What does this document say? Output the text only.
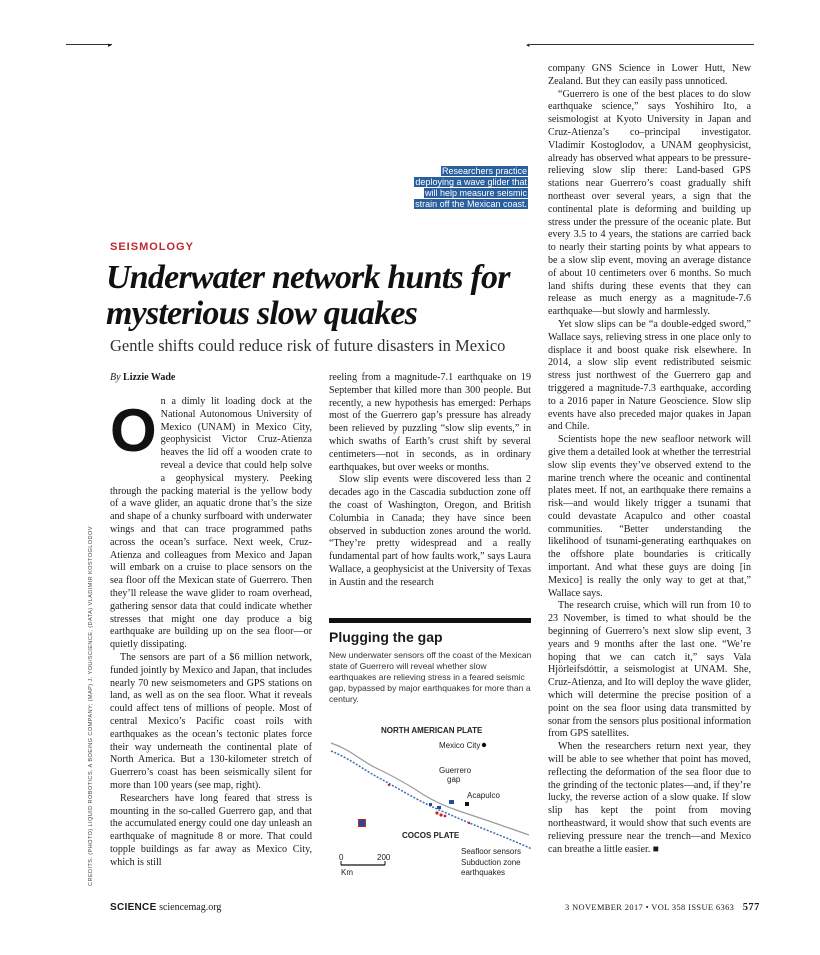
▸	◂
Researchers practice deploying a wave glider that will help measure seismic strain off the Mexican coast.
SEISMOLOGY
Underwater network hunts for mysterious slow quakes
Gentle shifts could reduce risk of future disasters in Mexico
By Lizzie Wade
O n a dimly lit loading dock at the National Autonomous University of Mexico (UNAM) in Mexico City, geophysicist Victor Cruz-Atienza heaves the lid off a wooden crate to reveal a device that could help solve a geophysical mystery. Peeking through the packing material is the yellow body of a wave glider, an aquatic drone that’s the size and shape of a chunky surfboard with underwater wings and that can trace programmed paths across the ocean’s surface. Next week, Cruz-Atienza and colleagues from Mexico and Japan will embark on a cruise to place sensors on the sea floor off the Mexican state of Guerrero. Then they’ll release the wave glider to roam overhead, gathering sensor data that could indicate whether stresses that might one day produce a big earthquake are building up on the sea floor—or quietly dissipating.

The sensors are part of a $6 million network, funded jointly by Mexico and Japan, that includes nearly 70 new seismometers and GPS stations on land, as well as on the sea floor. What it reveals could affect tens of millions of people. Most of central Mexico’s Pacific coast roils with earthquakes as the ocean’s tectonic plates force their way underneath the continental plate of North America. But a 130-kilometer stretch of Guerrero’s coast has been seismically silent for more than 100 years (see map, right).

Researchers have long feared that stress is mounting in the so-called Guerrero gap, and that the accumulated energy could one day unleash an earthquake of magnitude 8 or more. That could topple buildings as far away as Mexico City, which is still

reeling from a magnitude-7.1 earthquake on 19 September that killed more than 300 people. But recently, a new hypothesis has emerged: Perhaps most of the Guerrero gap’s pressure has already been relieved by puzzling “slow slip events,” in which swaths of Earth’s crust shift by several centimeters—not in seconds, as in ordinary earthquakes, but over weeks or months.

Slow slip events were discovered less than 2 decades ago in the Cascadia subduction zone off the coast of Washington, Oregon, and British Columbia in Canada; they have since been observed in subduction zones around the world. “They’re pretty widespread and a really fundamental part of how faults work,” says Laura Wallace, a geophysicist at the University of Texas in Austin and the research

company GNS Science in Lower Hutt, New Zealand. But they can easily pass unnoticed.

“Guerrero is one of the best places to do slow earthquake science,” says Yoshihiro Ito, a seismologist at Kyoto University in Japan and Cruz-Atienza’s co–principal investigator. Vladimir Kostoglodov, a UNAM geophysicist, already has observed what appears to be pressure-relieving slow slip there: Land-based GPS stations near Guerrero’s coast gradually shift northeast over several years, a sign that the continental plate is deforming and building up stress under the pressure of the oceanic plate. But every 3.5 to 4 years, the stations are carried back to nearly their starting points by what appears to be a slow slip event, moving an average distance of about 10 centimeters over 6 months. So much land shifts during these events that they can release as much energy as a magnitude-7.6 earthquake—but slowly and harmlessly.

Yet slow slips can be “a double-edged sword,” Wallace says, relieving stress in one place only to displace it and boost quake risk elsewhere. In 2014, a slow slip event redistributed seismic stress just northwest of the Guerrero gap and triggered a magnitude-7.3 earthquake, according to a 2016 paper in Nature Geoscience. Slow slip events have also preceded major quakes in Japan and Chile.

Scientists hope the new seafloor network will give them a detailed look at whether the terrestrial slow slip events they’ve observed extend to the marine trench where the oceanic and continental plates meet. If not, an earthquake there remains a risk—and would likely trigger a tsunami that could devastate Acapulco and other coastal communities. “Better understanding the likelihood of tsunami-generating earthquakes on the offshore plate boundaries is critically important. And what these guys are doing [in Mexico] is really the only way to get at that,” Wallace says.

The research cruise, which will run from 10 to 23 November, is timed to what should be the beginning of Guerrero’s next slow slip event, 3 years and 9 months after the last one. “We’re hoping that we can catch it,” says Vala Hjörleifsdóttir, a seismologist at UNAM. She, Cruz-Atienza, and Ito will deploy the wave glider, which will determine the precise position of a point on the sea floor using data transmitted by sonar from the sensors plus positional information from GPS satellites.

When the researchers return next year, they will be able to see whether that point has moved, reflecting the deformation of the sea floor due to the grinding of the tectonic plates—and, if they’re lucky, the reverse action of a slow quake. If slow slip has kept the point from moving northeastward, it would show that such events are relieving pressure near the trench—and Mexico can breathe a little easier. ■

CREDITS: (PHOTO) LIQUID ROBOTICS, A BOEING COMPANY; (MAP) J. YOU/SCIENCE; (DATA) VLADIMIR KOSTOGLODOV	Plugging the gap
New underwater sensors off the coast of the Mexican state of Guerrero will reveal whether slow earthquakes are relieving stress in a feared seismic gap, bypassed by major earthquakes for more than a century.
NORTH AMERICAN PLATE
Mexico City
Guerrero
gap
Acapulco
COCOS PLATE
0	200
Km
Seafloor sensors
Subduction zone
earthquakes
SCIENCE sciencemag.org	3 NOVEMBER 2017 • VOL 358 ISSUE 6363 577
